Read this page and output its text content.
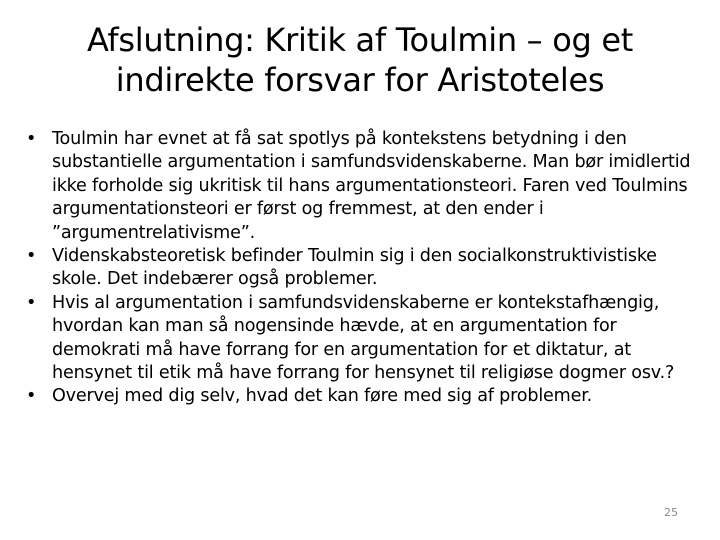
Afslutning: Kritik af Toulmin – og et indirekte forsvar for Aristoteles
• Toulmin har evnet at få sat spotlys på kontekstens betydning i den substantielle argumentation i samfundsvidenskaberne. Man bør imidlertid ikke forholde sig ukritisk til hans argumentationsteori. Faren ved Toulmins argumentationsteori er først og fremmest, at den ender i ”argumentrelativisme”.
• Videnskabsteoretisk befinder Toulmin sig i den socialkonstruktivistiske skole. Det indebærer også problemer.
• Hvis al argumentation i samfundsvidenskaberne er kontekstafhængig, hvordan kan man så nogensinde hævde, at en argumentation for demokrati må have forrang for en argumentation for et diktatur, at hensynet til etik må have forrang for hensynet til religiøse dogmer osv.?
• Overvej med dig selv, hvad det kan føre med sig af problemer.
25
